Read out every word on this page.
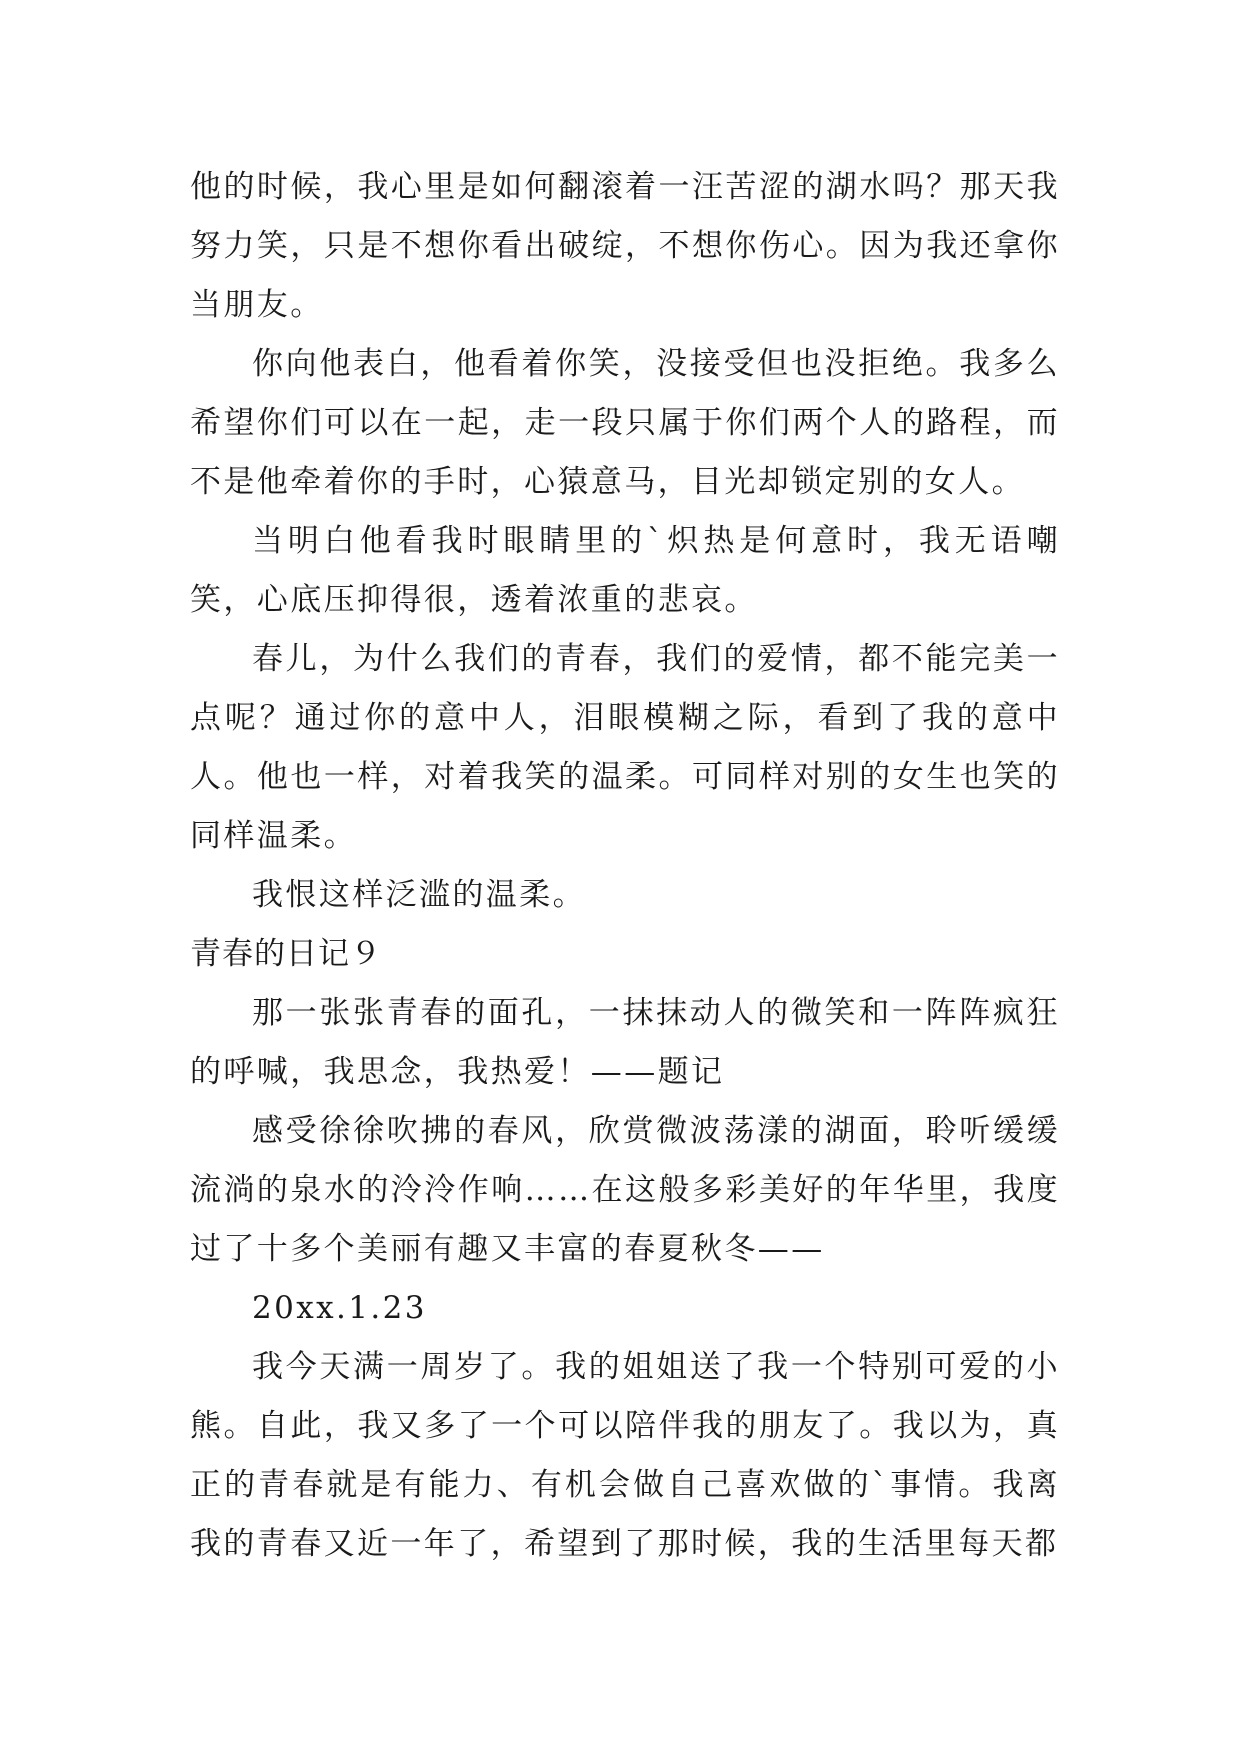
他的时候，我心里是如何翻滚着一汪苦涩的湖水吗？那天我努力笑，只是不想你看出破绽，不想你伤心。因为我还拿你当朋友。

你向他表白，他看着你笑，没接受但也没拒绝。我多么希望你们可以在一起，走一段只属于你们两个人的路程，而不是他牵着你的手时，心猿意马，目光却锁定别的女人。

当明白他看我时眼睛里的`炽热是何意时，我无语嘲笑，心底压抑得很，透着浓重的悲哀。

春儿，为什么我们的青春，我们的爱情，都不能完美一点呢？通过你的意中人，泪眼模糊之际，看到了我的意中人。他也一样，对着我笑的温柔。可同样对别的女生也笑的同样温柔。

我恨这样泛滥的温柔。

青春的日记９

那一张张青春的面孔，一抹抹动人的微笑和一阵阵疯狂的呼喊，我思念，我热爱！——题记

感受徐徐吹拂的春风，欣赏微波荡漾的湖面，聆听缓缓流淌的泉水的泠泠作响……在这般多彩美好的年华里，我度过了十多个美丽有趣又丰富的春夏秋冬——

20xx.1.23

我今天满一周岁了。我的姐姐送了我一个特别可爱的小熊。自此，我又多了一个可以陪伴我的朋友了。我以为，真正的青春就是有能力、有机会做自己喜欢做的`事情。我离我的青春又近一年了，希望到了那时候，我的生活里每天都
